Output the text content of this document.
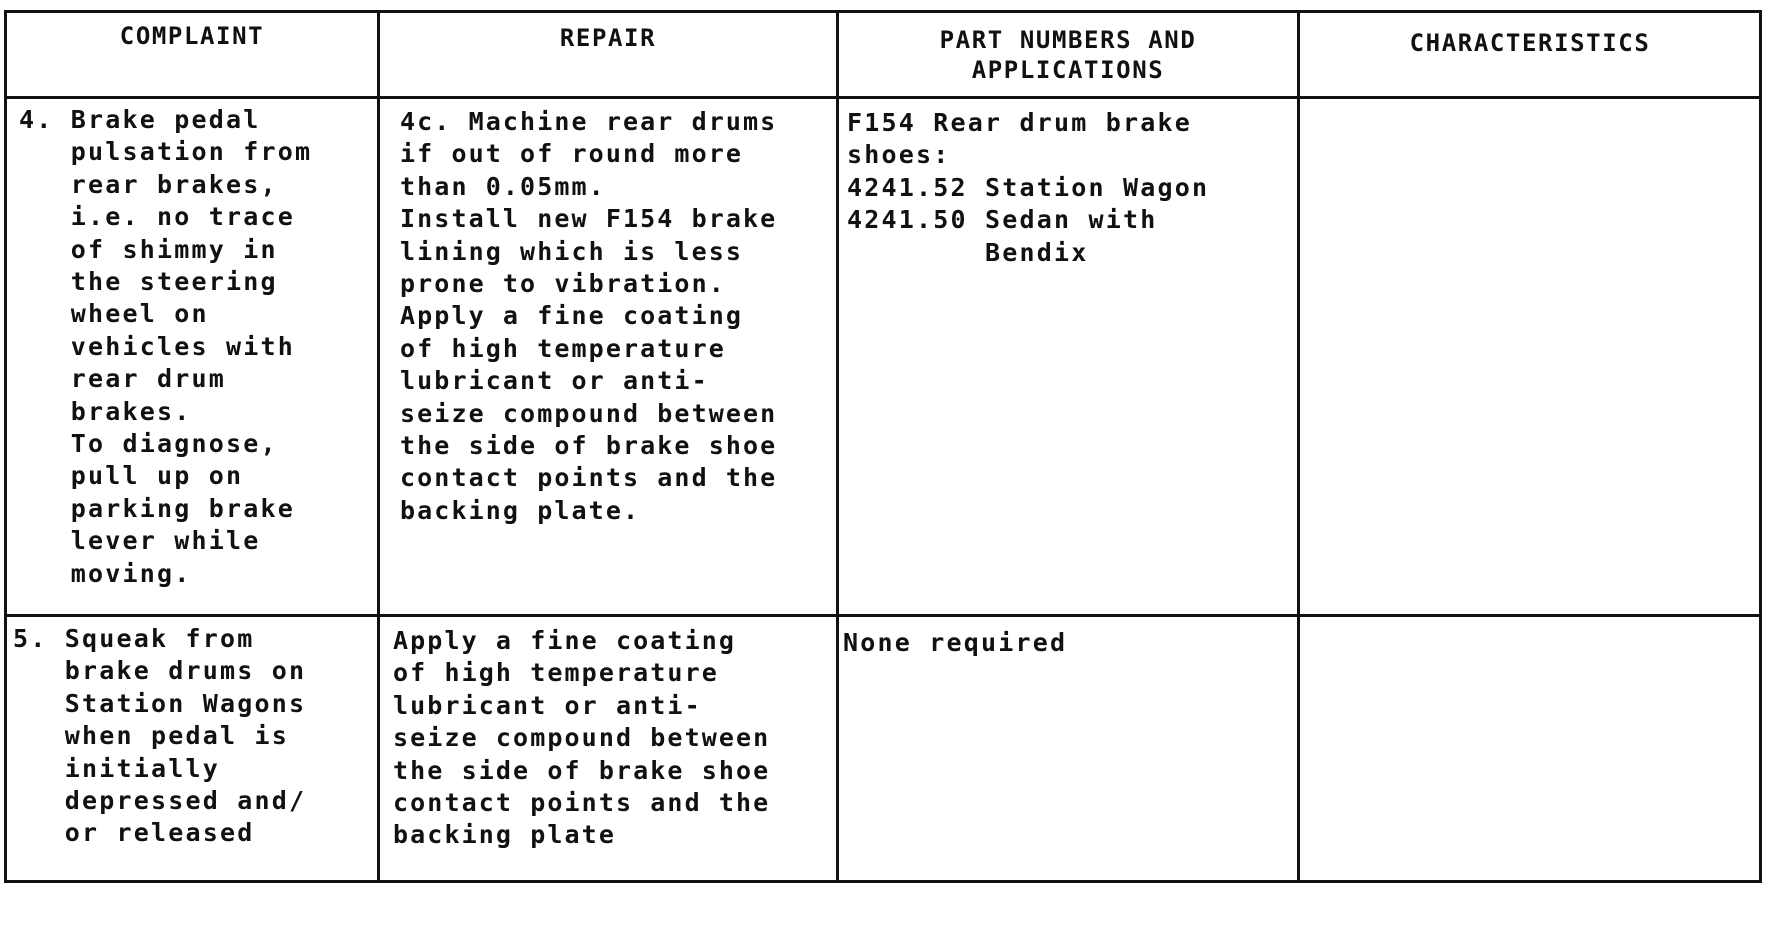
COMPLAINT	REPAIR	PART NUMBERS AND
APPLICATIONS
CHARACTERISTICS
4. Brake pedal
pulsation from
rear brakes,
i.e. no trace
of shimmy in
the steering
wheel on
vehicles with
rear drum
brakes.
To diagnose,
pull up on
parking brake
lever while
moving.
4c. Machine rear drums
if out of round more
than 0.05mm.
Install new F154 brake
lining which is less
prone to vibration.
Apply a fine coating
of high temperature
lubricant or anti-
seize compound between
the side of brake shoe
contact points and the
backing plate.
F154 Rear drum brake
shoes:
4241.52 Station Wagon
4241.50 Sedan with
Bendix
5. Squeak from
brake drums on
Station Wagons
when pedal is
initially
depressed and/
or released
Apply a fine coating
of high temperature
lubricant or anti-
seize compound between
the side of brake shoe
contact points and the
backing plate
None required
